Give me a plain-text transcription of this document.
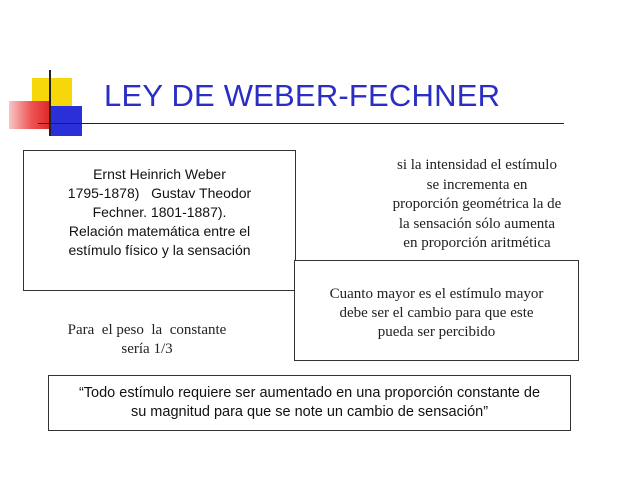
LEY DE WEBER-FECHNER

Ernst Heinrich Weber
1795-1878)   Gustav Theodor
Fechner. 1801-1887).
Relación matemática entre el
estímulo físico y la sensación

si la intensidad el estímulo
se incrementa en
proporción geométrica la de
la sensación sólo aumenta
en proporción aritmética

Cuanto mayor es el estímulo mayor
debe ser el cambio para que este
pueda ser percibido

Para  el peso  la  constante
sería 1/3

“Todo estímulo requiere ser aumentado en una proporción constante de
su magnitud para que se note un cambio de sensación”
